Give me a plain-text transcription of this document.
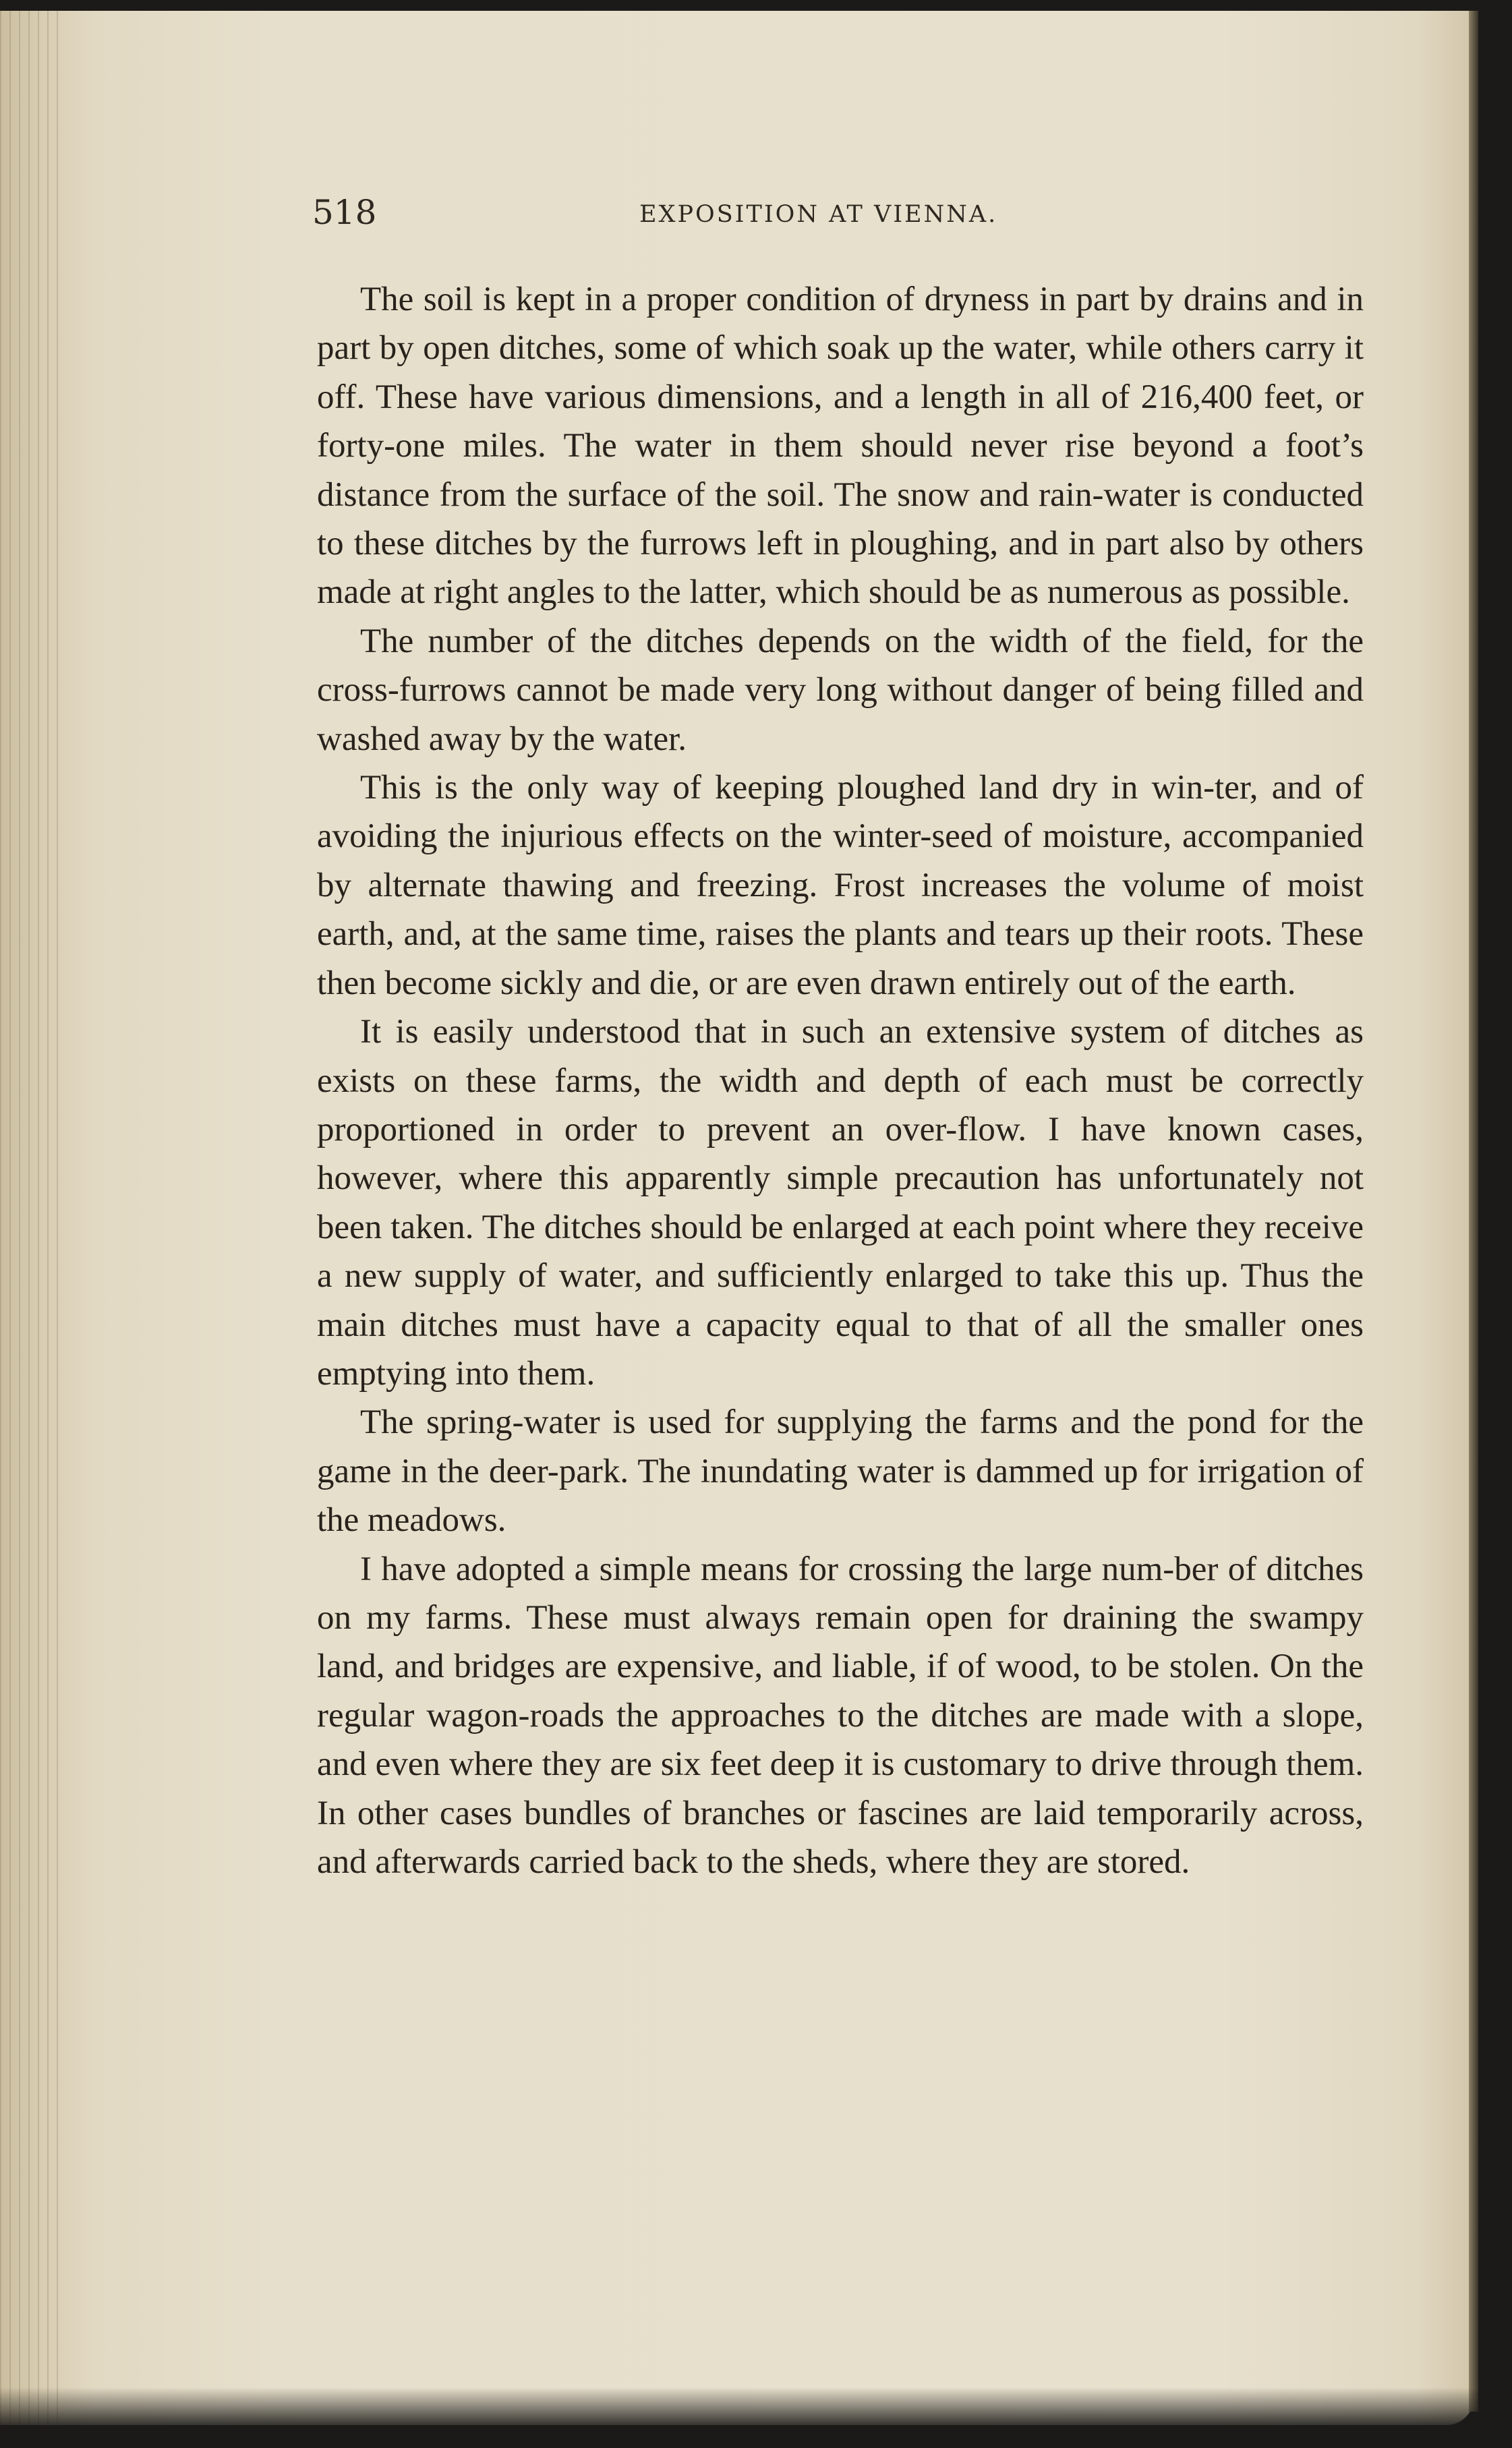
518	EXPOSITION AT VIENNA.

The soil is kept in a proper condition of dryness in part by drains and in part by open ditches, some of which soak up the water, while others carry it off. These have various dimensions, and a length in all of 216,400 feet, or forty-one miles. The water in them should never rise beyond a foot’s distance from the surface of the soil. The snow and rain-water is conducted to these ditches by the furrows left in ploughing, and in part also by others made at right angles to the latter, which should be as numerous as possible.

The number of the ditches depends on the width of the field, for the cross-furrows cannot be made very long without danger of being filled and washed away by the water.

This is the only way of keeping ploughed land dry in win-ter, and of avoiding the injurious effects on the winter-seed of moisture, accompanied by alternate thawing and freezing. Frost increases the volume of moist earth, and, at the same time, raises the plants and tears up their roots. These then become sickly and die, or are even drawn entirely out of the earth.

It is easily understood that in such an extensive system of ditches as exists on these farms, the width and depth of each must be correctly proportioned in order to prevent an over-flow. I have known cases, however, where this apparently simple precaution has unfortunately not been taken. The ditches should be enlarged at each point where they receive a new supply of water, and sufficiently enlarged to take this up. Thus the main ditches must have a capacity equal to that of all the smaller ones emptying into them.

The spring-water is used for supplying the farms and the pond for the game in the deer-park. The inundating water is dammed up for irrigation of the meadows.

I have adopted a simple means for crossing the large num-ber of ditches on my farms. These must always remain open for draining the swampy land, and bridges are expensive, and liable, if of wood, to be stolen. On the regular wagon-roads the approaches to the ditches are made with a slope, and even where they are six feet deep it is customary to drive through them. In other cases bundles of branches or fascines are laid temporarily across, and afterwards carried back to the sheds, where they are stored.
